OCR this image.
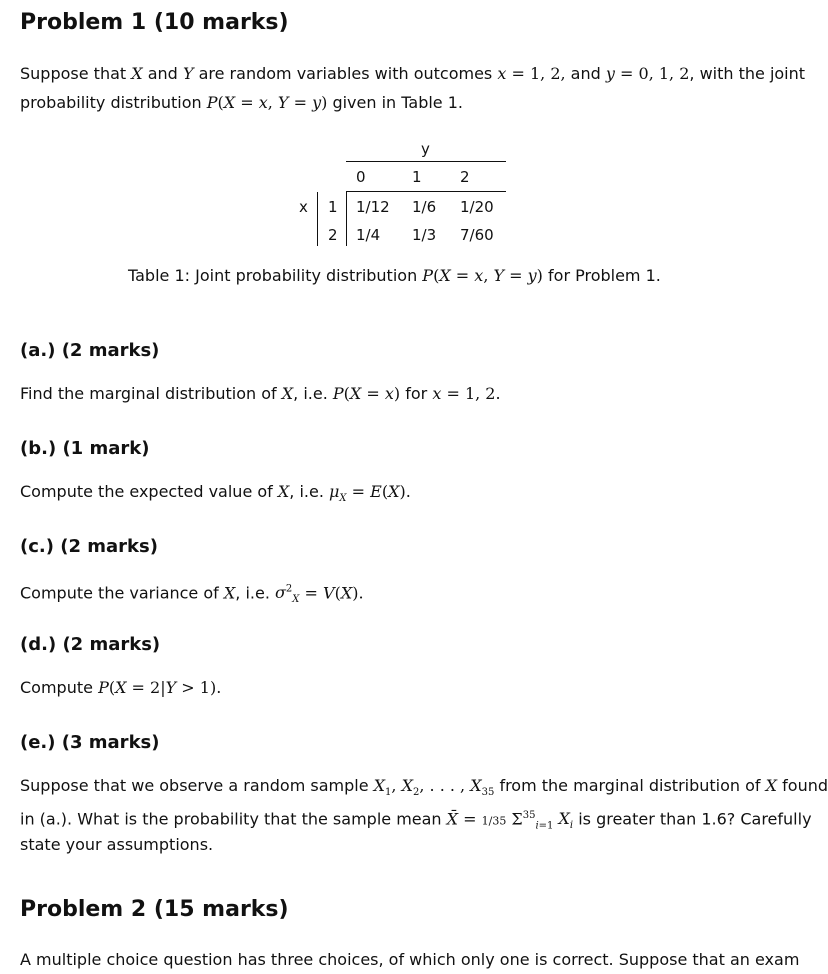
Problem 1 (10 marks)
Suppose that X and Y are random variables with outcomes x = 1, 2, and y = 0, 1, 2, with the joint
probability distribution P(X = x, Y = y) given in Table 1.
y
0	1	2
x 1 1/12 1/6 1/20
2 1/4 1/3 7/60
Table 1: Joint probability distribution P(X = x, Y = y) for Problem 1.
(a.) (2 marks)
Find the marginal distribution of X, i.e. P(X = x) for x = 1, 2.
(b.) (1 mark)
Compute the expected value of X, i.e. $\mu_X = E(X)$.
(c.) (2 marks)
Compute the variance of X, i.e. $\sigma^2_X = V(X)$.
(d.) (2 marks)
Compute P(X = 2|Y > 1).
(e.) (3 marks)
Suppose that we observe a random sample $X_1$, $X_2$, . . . , $X_{35}$ from the marginal distribution of X found
in (a.). What is the probability that the sample mean X̄ = 1/35 $\Sigma^{35}_{i=1}$ $X_i$ is greater than 1.6? Carefully
state your assumptions.
Problem 2 (15 marks)
A multiple choice question has three choices, of which only one is correct. Suppose that an exam
